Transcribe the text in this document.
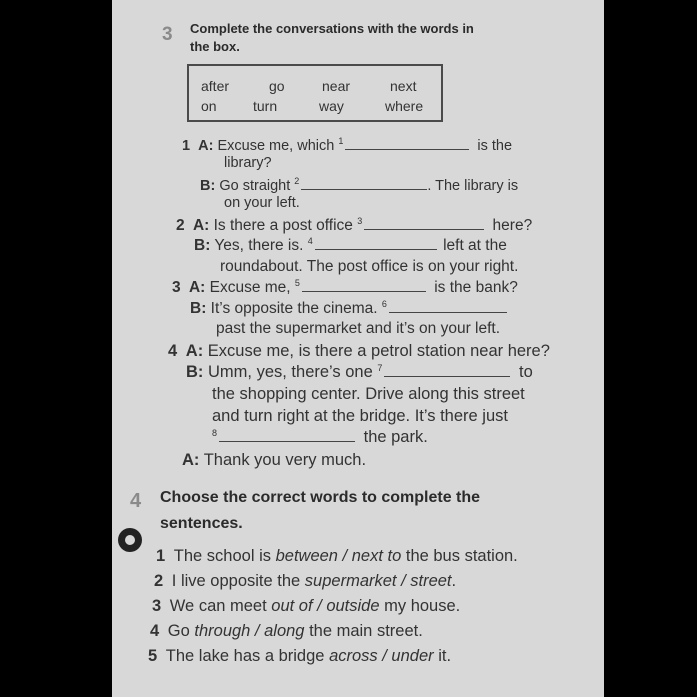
3 Complete the conversations with the words in
the box.
after	go	near	next
on	turn	way	where
1 A: Excuse me, which $^1$	is the
library?
B: Go straight $^2$	. The library is
on your left.
2 A: Is there a post office $^3$	here?
B: Yes, there is. $^4$	left at the
roundabout. The post office is on your right.
3 A: Excuse me, $^5$	is the bank?
B: It’s opposite the cinema. $^6$
past the supermarket and it’s on your left.
4 A: Excuse me, is there a petrol station near here?
B: Umm, yes, there’s one $^7$	to
the shopping center. Drive along this street
and turn right at the bridge. It’s there just
$^8$	the park.
A: Thank you very much.
4 Choose the correct words to complete the
sentences.
1 The school is between / next to the bus station.
2 I live opposite the supermarket / street.
3 We can meet out of / outside my house.
4 Go through / along the main street.
5 The lake has a bridge across / under it.
